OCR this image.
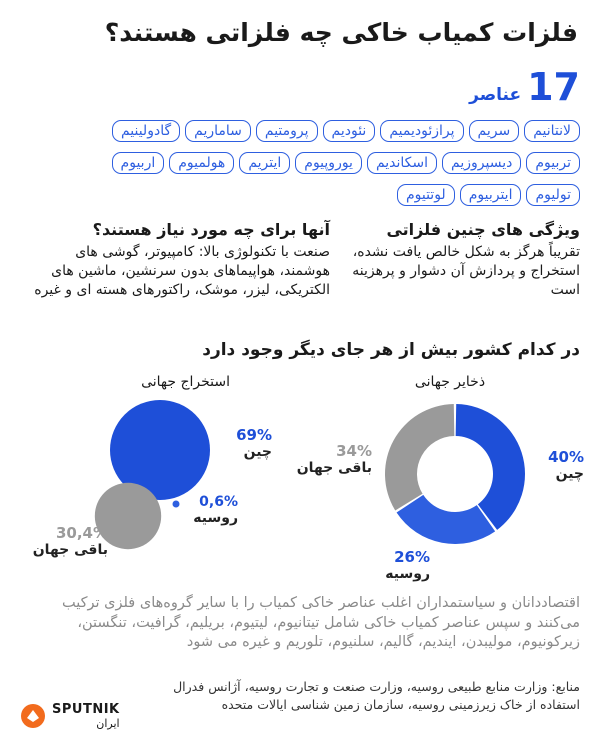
فلزات کمیاب خاکی چه فلزاتی هستند؟
17
عناصر
لانتانیم
سریم
پرازئودیمیم
نئودیم
پرومتیم
ساماریم
گادولینیم
تربیوم
دیسپروزیم
اسکاندیم
یوروپیوم
ایتریم
هولمیوم
اربیوم
تولیوم
ایتربیوم
لوتتیوم
ویژگی های چنین فلزاتی
تقریباً هرگز به شکل خالص یافت نشده، استخراج و پردازش آن دشوار و پرهزینه است
آنها برای چه مورد نیاز هستند؟
صنعت با تکنولوژی بالا: کامپیوتر، گوشی های هوشمند، هواپیماهای بدون سرنشین، ماشین های الکتریکی، لیزر، موشک، راکتورهای هسته ای و غیره
در کدام کشور بیش از هر جای دیگر وجود دارد
استخراج جهانی
69%
چین
0,6%
روسیه
30,4%
باقی جهان
ذخایر جهانی
40%
چین
26%
روسیه
34%
باقی جهان
اقتصاددانان و سیاستمداران اغلب عناصر خاکی کمیاب را با سایر گروه‌های فلزی ترکیب می‌کنند و سپس عناصر کمیاب خاکی شامل تیتانیوم، لیتیوم، بریلیم، گرافیت، تنگستن، زیرکونیوم، مولیبدن، ایندیم، گالیم، سلنیوم، تلوریم و غیره می شود
منابع: وزارت منابع طبیعی روسیه، وزارت صنعت و تجارت روسیه، آژانس فدرال استفاده از خاک زیرزمینی روسیه، سازمان زمین شناسی ایالات متحده
SPUTNIK
ایران
